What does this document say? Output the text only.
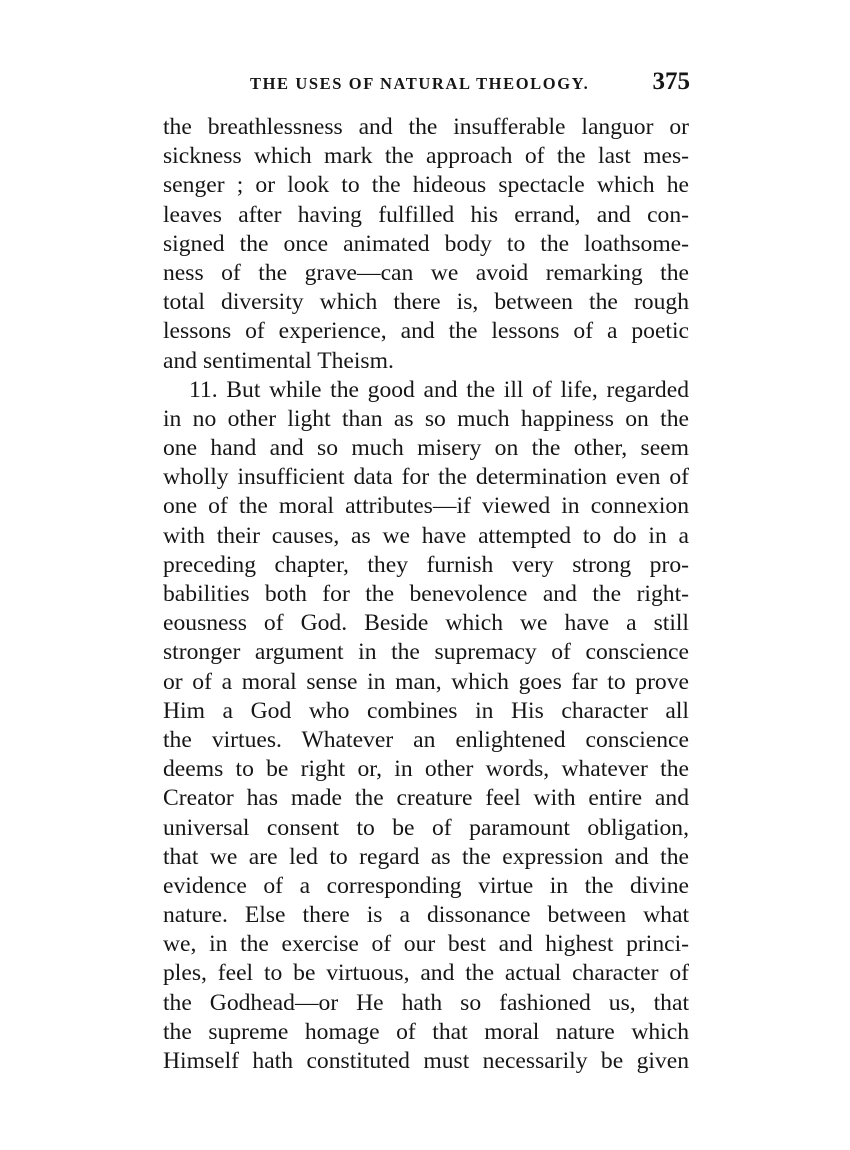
THE USES OF NATURAL THEOLOGY.	375
the breathlessness and the insufferable languor or
sickness which mark the approach of the last mes-
senger ; or look to the hideous spectacle which he
leaves after having fulfilled his errand, and con-
signed the once animated body to the loathsome-
ness of the grave—can we avoid remarking the
total diversity which there is, between the rough
lessons of experience, and the lessons of a poetic
and sentimental Theism.
11. But while the good and the ill of life, regarded
in no other light than as so much happiness on the
one hand and so much misery on the other, seem
wholly insufficient data for the determination even of
one of the moral attributes—if viewed in connexion
with their causes, as we have attempted to do in a
preceding chapter, they furnish very strong pro-
babilities both for the benevolence and the right-
eousness of God. Beside which we have a still
stronger argument in the supremacy of conscience
or of a moral sense in man, which goes far to prove
Him a God who combines in His character all
the virtues. Whatever an enlightened conscience
deems to be right or, in other words, whatever the
Creator has made the creature feel with entire and
universal consent to be of paramount obligation,
that we are led to regard as the expression and the
evidence of a corresponding virtue in the divine
nature. Else there is a dissonance between what
we, in the exercise of our best and highest princi-
ples, feel to be virtuous, and the actual character of
the Godhead—or He hath so fashioned us, that
the supreme homage of that moral nature which
Himself hath constituted must necessarily be given
